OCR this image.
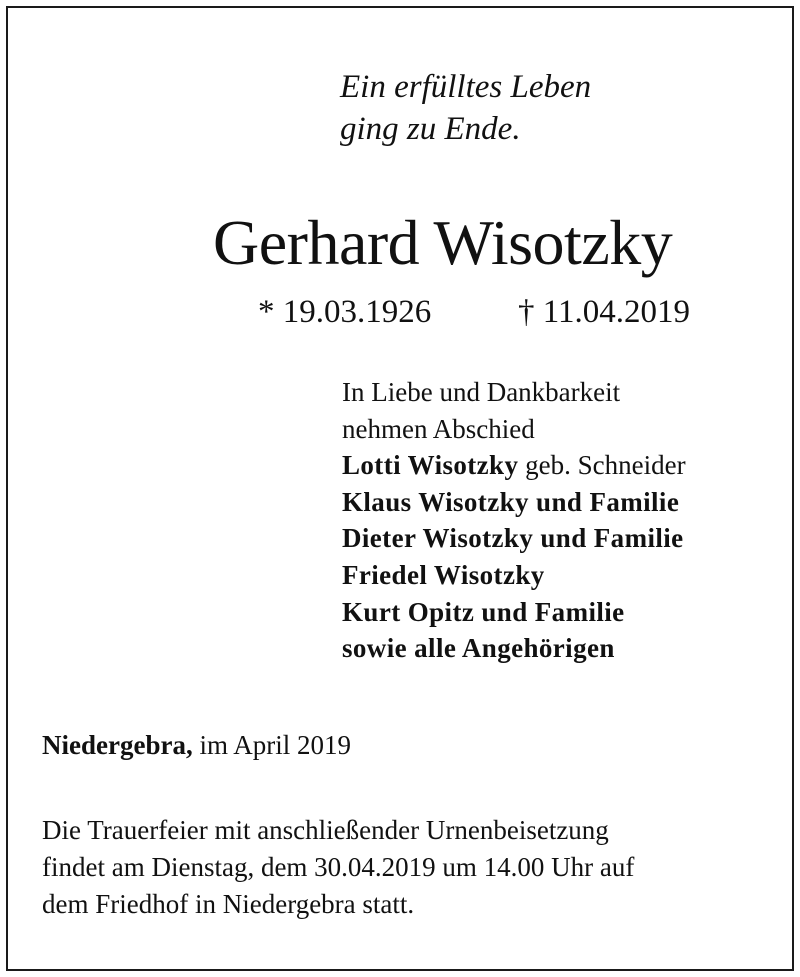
Ein erfülltes Leben
ging zu Ende.
Gerhard Wisotzky
* 19.03.1926	† 11.04.2019
In Liebe und Dankbarkeit
nehmen Abschied
Lotti Wisotzky geb. Schneider
Klaus Wisotzky und Familie
Dieter Wisotzky und Familie
Friedel Wisotzky
Kurt Opitz und Familie
sowie alle Angehörigen
Niedergebra, im April 2019
Die Trauerfeier mit anschließender Urnenbeisetzung
findet am Dienstag, dem 30.04.2019 um 14.00 Uhr auf
dem Friedhof in Niedergebra statt.
